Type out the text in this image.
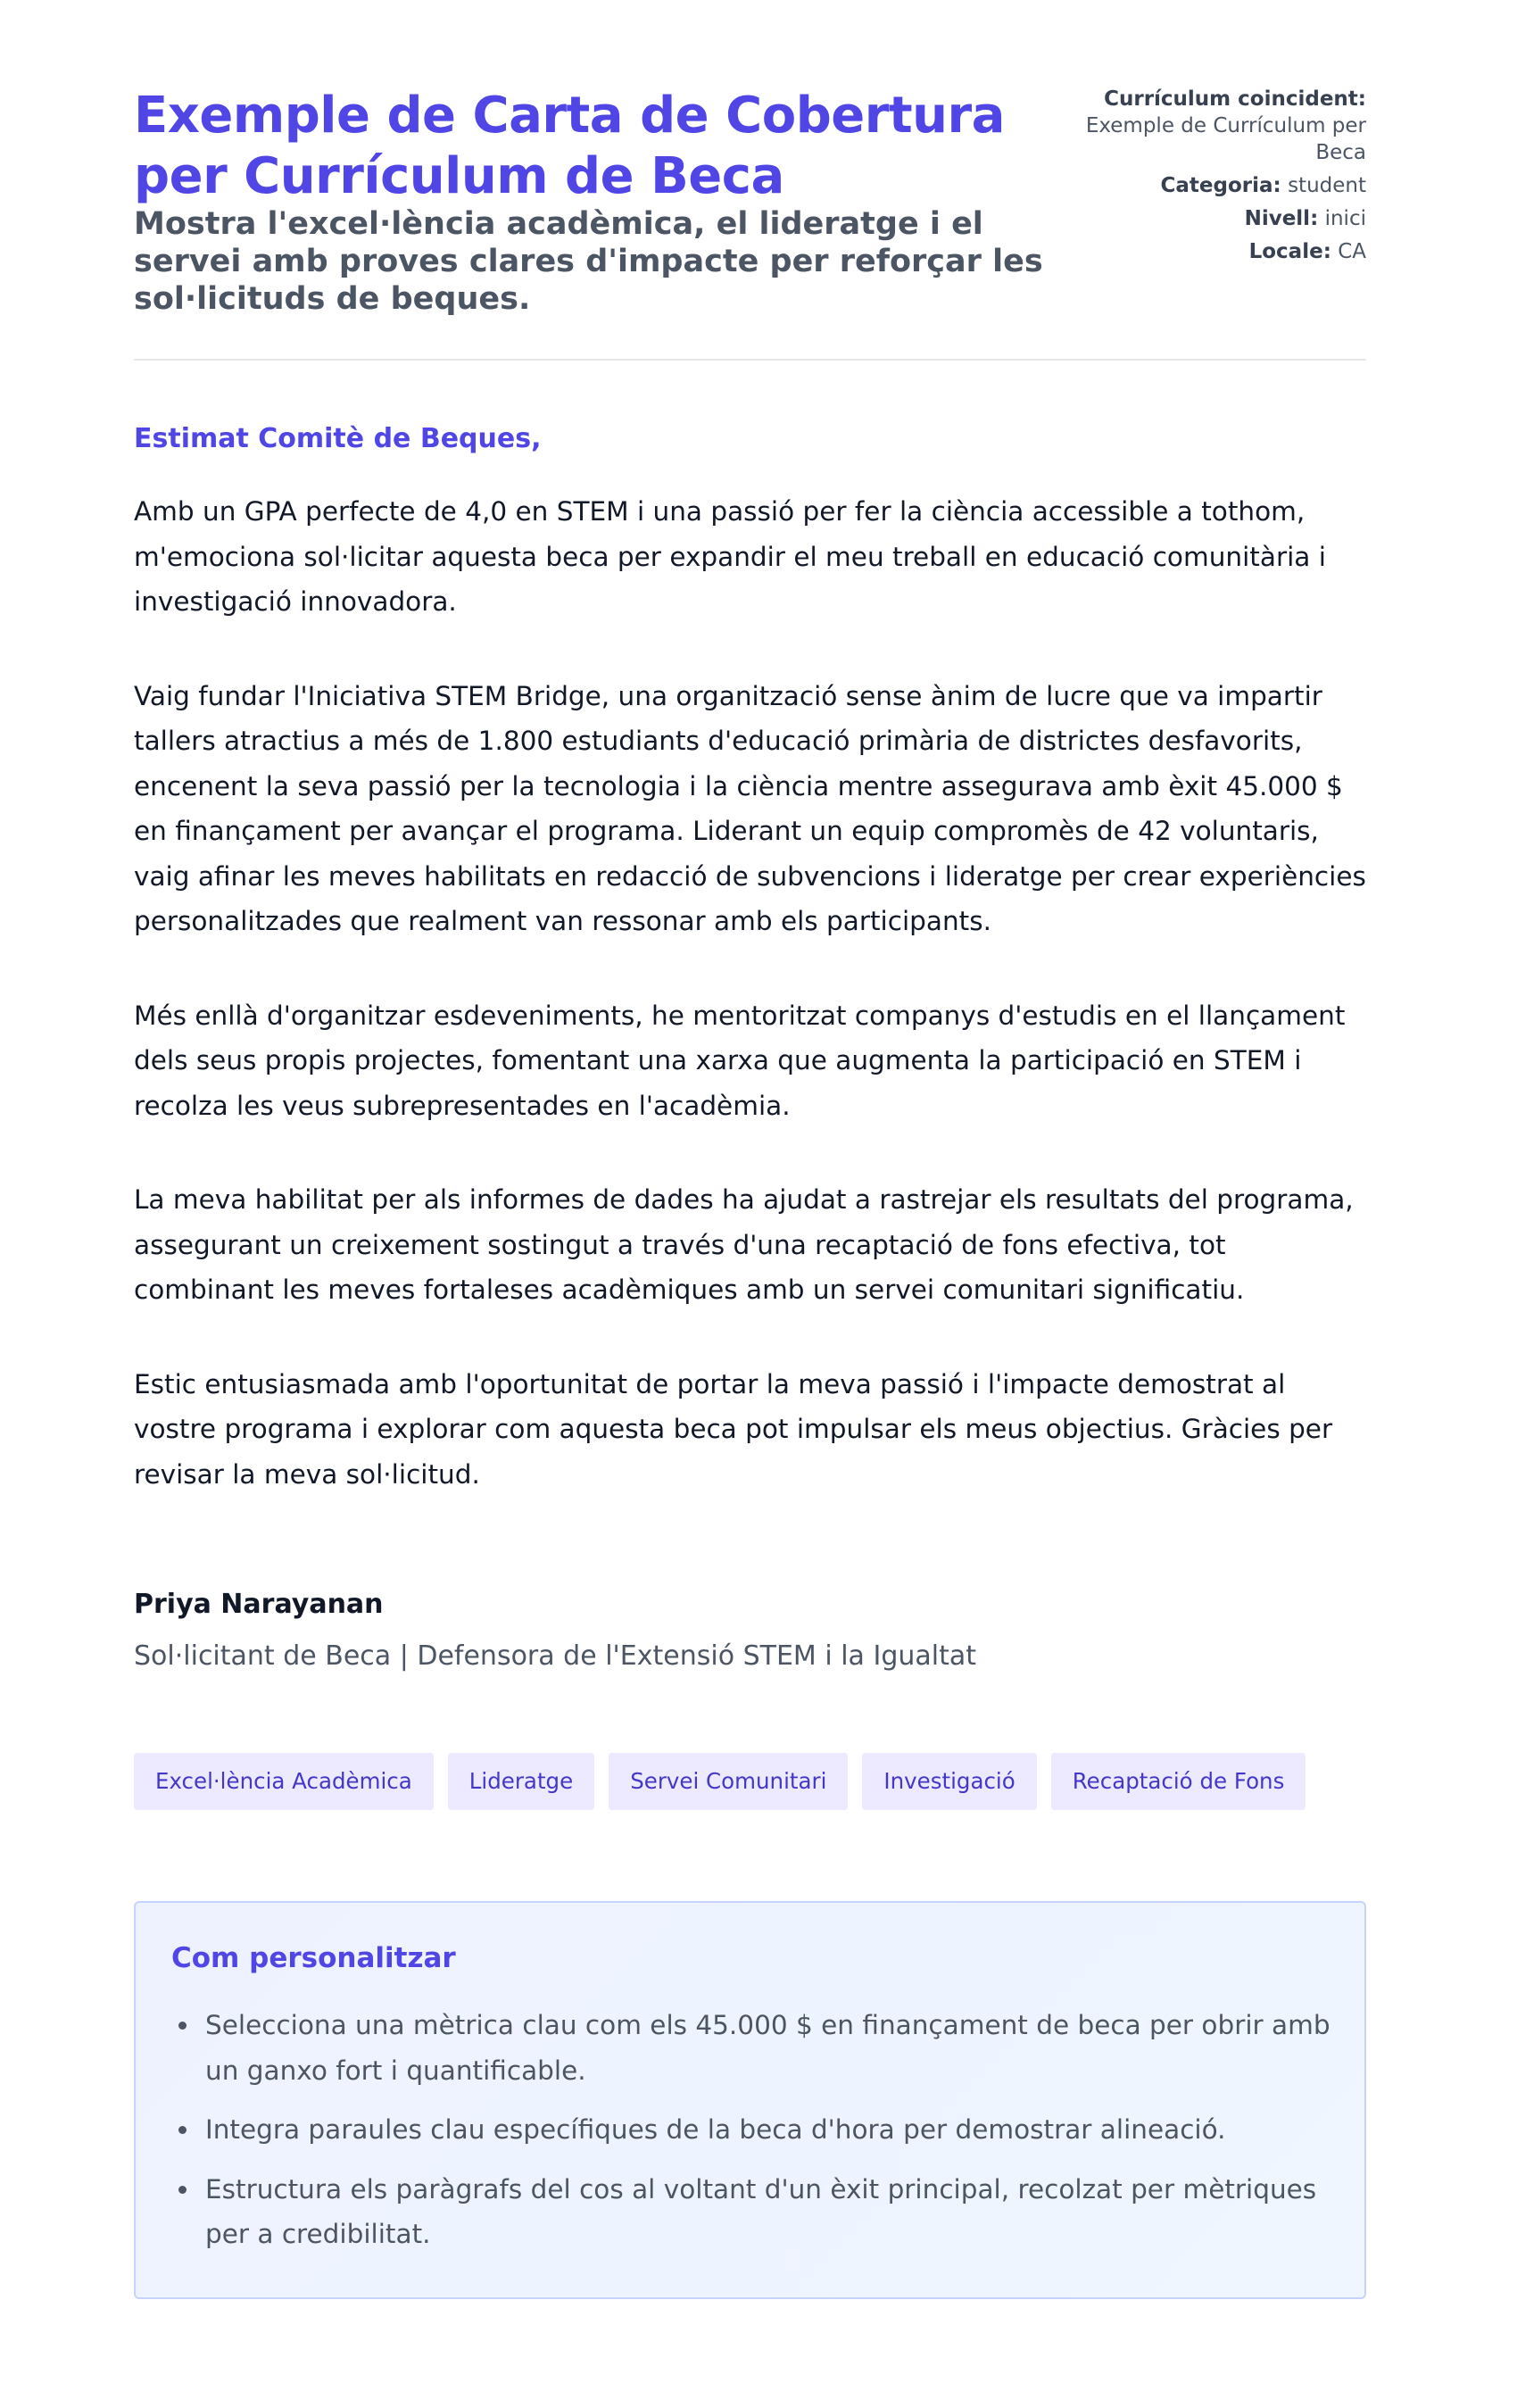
Exemple de Carta de Cobertura per Currículum de Beca
Mostra l'excel·lència acadèmica, el lideratge i el servei amb proves clares d'impacte per reforçar les sol·licituds de beques.
Currículum coincident:
Exemple de Currículum per Beca
Categoria: student
Nivell: inici
Locale: CA
Estimat Comitè de Beques,

Amb un GPA perfecte de 4,0 en STEM i una passió per fer la ciència accessible a tothom, m'emociona sol·licitar aquesta beca per expandir el meu treball en educació comunitària i investigació innovadora.

Vaig fundar l'Iniciativa STEM Bridge, una organització sense ànim de lucre que va impartir tallers atractius a més de 1.800 estudiants d'educació primària de districtes desfavorits, encenent la seva passió per la tecnologia i la ciència mentre assegurava amb èxit 45.000 $ en finançament per avançar el programa. Liderant un equip compromès de 42 voluntaris, vaig afinar les meves habilitats en redacció de subvencions i lideratge per crear experiències personalitzades que realment van ressonar amb els participants.

Més enllà d'organitzar esdeveniments, he mentoritzat companys d'estudis en el llançament dels seus propis projectes, fomentant una xarxa que augmenta la participació en STEM i recolza les veus subrepresentades en l'acadèmia.

La meva habilitat per als informes de dades ha ajudat a rastrejar els resultats del programa, assegurant un creixement sostingut a través d'una recaptació de fons efectiva, tot combinant les meves fortaleses acadèmiques amb un servei comunitari significatiu.

Estic entusiasmada amb l'oportunitat de portar la meva passió i l'impacte demostrat al vostre programa i explorar com aquesta beca pot impulsar els meus objectius. Gràcies per revisar la meva sol·licitud.

Priya Narayanan
Sol·licitant de Beca | Defensora de l'Extensió STEM i la Igualtat
Excel·lència Acadèmica	Lideratge	Servei Comunitari	Investigació	Recaptació de Fons
Com personalitzar
Selecciona una mètrica clau com els 45.000 $ en finançament de beca per obrir amb un ganxo fort i quantificable.
Integra paraules clau específiques de la beca d'hora per demostrar alineació.
Estructura els paràgrafs del cos al voltant d'un èxit principal, recolzat per mètriques per a credibilitat.
